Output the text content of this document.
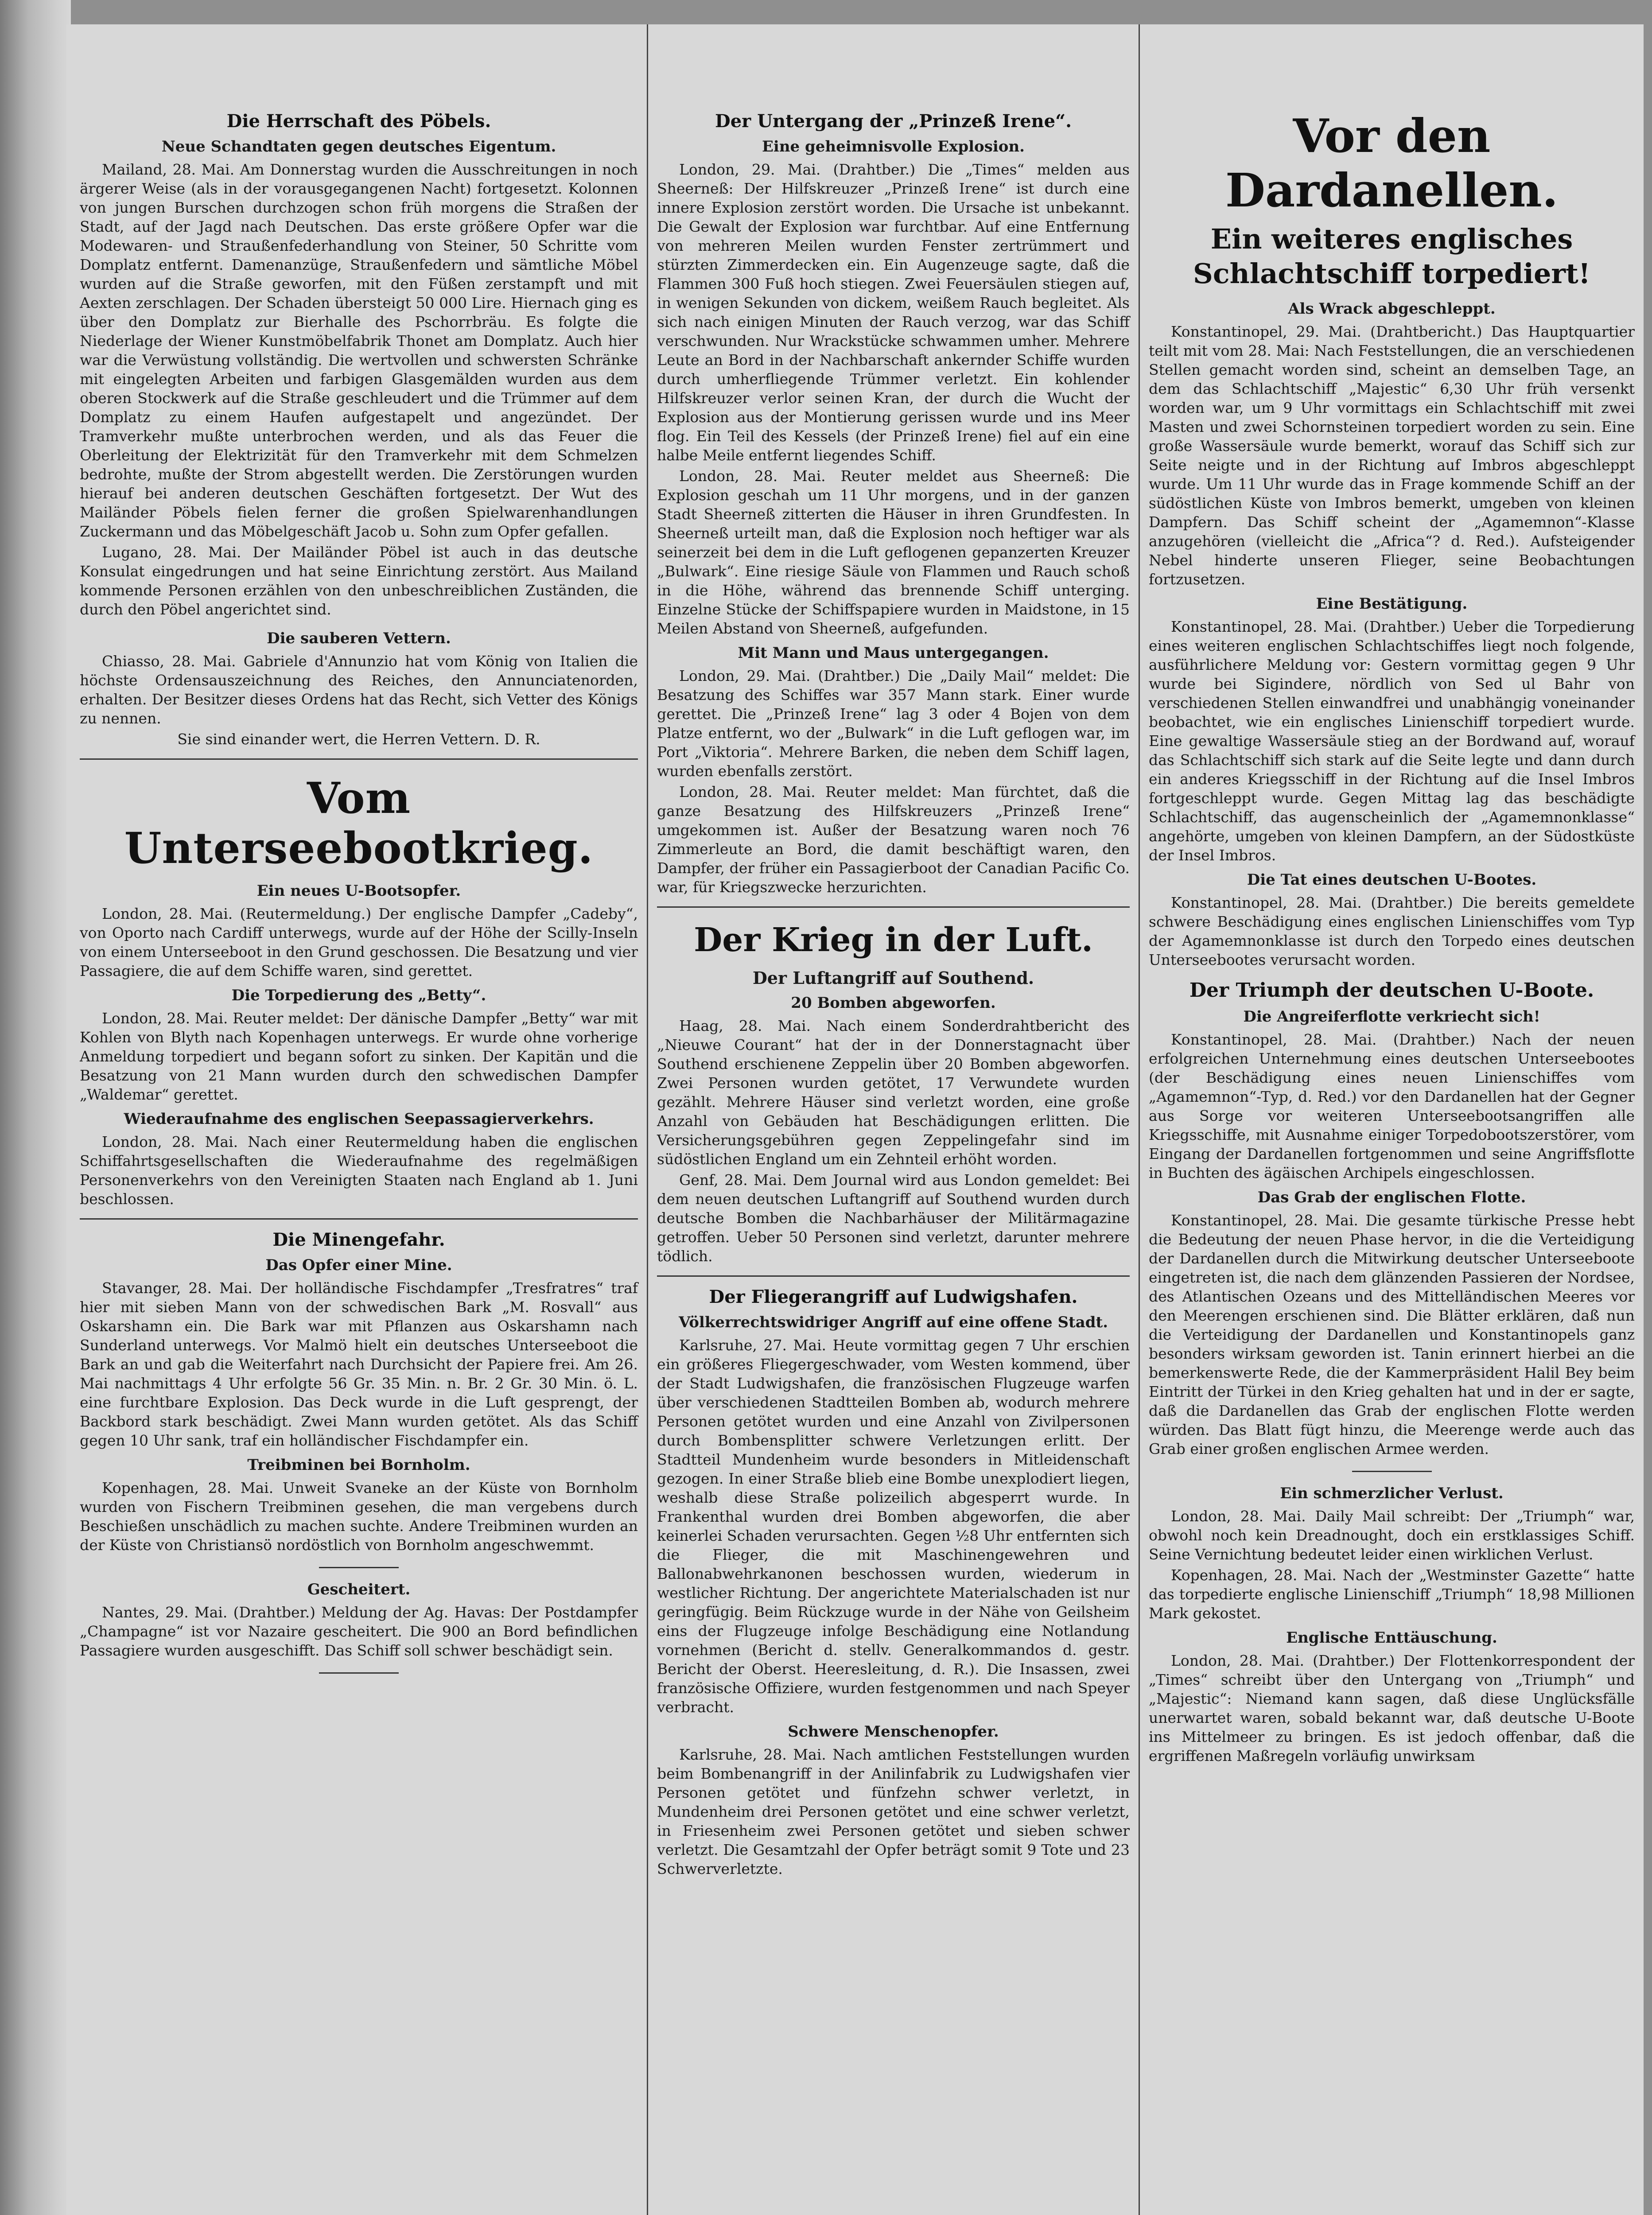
Die Herrschaft des Pöbels.
Neue Schandtaten gegen deutsches Eigentum.

Mailand, 28. Mai. Am Donnerstag wurden die Ausschreitungen in noch ärgerer Weise (als in der vorausgegangenen Nacht) fortgesetzt. Kolonnen von jungen Burschen durchzogen schon früh morgens die Straßen der Stadt, auf der Jagd nach Deutschen. Das erste größere Opfer war die Modewaren- und Straußenfederhandlung von Steiner, 50 Schritte vom Domplatz entfernt. Damenanzüge, Straußenfedern und sämtliche Möbel wurden auf die Straße geworfen, mit den Füßen zerstampft und mit Aexten zerschlagen. Der Schaden übersteigt 50 000 Lire. Hiernach ging es über den Domplatz zur Bierhalle des Pschorrbräu. Es folgte die Niederlage der Wiener Kunstmöbelfabrik Thonet am Domplatz. Auch hier war die Verwüstung vollständig. Die wertvollen und schwersten Schränke mit eingelegten Arbeiten und farbigen Glasgemälden wurden aus dem oberen Stockwerk auf die Straße geschleudert und die Trümmer auf dem Domplatz zu einem Haufen aufgestapelt und angezündet. Der Tramverkehr mußte unterbrochen werden, und als das Feuer die Oberleitung der Elektrizität für den Tramverkehr mit dem Schmelzen bedrohte, mußte der Strom abgestellt werden. Die Zerstörungen wurden hierauf bei anderen deutschen Geschäften fortgesetzt. Der Wut des Mailänder Pöbels fielen ferner die großen Spielwarenhandlungen Zuckermann und das Möbelgeschäft Jacob u. Sohn zum Opfer gefallen.

Lugano, 28. Mai. Der Mailänder Pöbel ist auch in das deutsche Konsulat eingedrungen und hat seine Einrichtung zerstört. Aus Mailand kommende Personen erzählen von den unbeschreiblichen Zuständen, die durch den Pöbel angerichtet sind.

Die sauberen Vettern.

Chiasso, 28. Mai. Gabriele d'Annunzio hat vom König von Italien die höchste Ordensauszeichnung des Reiches, den Annunciatenorden, erhalten. Der Besitzer dieses Ordens hat das Recht, sich Vetter des Königs zu nennen.

Sie sind einander wert, die Herren Vettern. D. R.

Vom Unterseebootkrieg.
Ein neues U-Bootsopfer.

London, 28. Mai. (Reutermeldung.) Der englische Dampfer „Cadeby“, von Oporto nach Cardiff unterwegs, wurde auf der Höhe der Scilly-Inseln von einem Unterseeboot in den Grund geschossen. Die Besatzung und vier Passagiere, die auf dem Schiffe waren, sind gerettet.

Die Torpedierung des „Betty“.

London, 28. Mai. Reuter meldet: Der dänische Dampfer „Betty“ war mit Kohlen von Blyth nach Kopenhagen unterwegs. Er wurde ohne vorherige Anmeldung torpediert und begann sofort zu sinken. Der Kapitän und die Besatzung von 21 Mann wurden durch den schwedischen Dampfer „Waldemar“ gerettet.

Wiederaufnahme des englischen Seepassagierverkehrs.

London, 28. Mai. Nach einer Reutermeldung haben die englischen Schiffahrtsgesellschaften die Wiederaufnahme des regelmäßigen Personenverkehrs von den Vereinigten Staaten nach England ab 1. Juni beschlossen.

Die Minengefahr.
Das Opfer einer Mine.

Stavanger, 28. Mai. Der holländische Fischdampfer „Tresfratres“ traf hier mit sieben Mann von der schwedischen Bark „M. Rosvall“ aus Oskarshamn ein. Die Bark war mit Pflanzen aus Oskarshamn nach Sunderland unterwegs. Vor Malmö hielt ein deutsches Unterseeboot die Bark an und gab die Weiterfahrt nach Durchsicht der Papiere frei. Am 26. Mai nachmittags 4 Uhr erfolgte 56 Gr. 35 Min. n. Br. 2 Gr. 30 Min. ö. L. eine furchtbare Explosion. Das Deck wurde in die Luft gesprengt, der Backbord stark beschädigt. Zwei Mann wurden getötet. Als das Schiff gegen 10 Uhr sank, traf ein holländischer Fischdampfer ein.

Treibminen bei Bornholm.

Kopenhagen, 28. Mai. Unweit Svaneke an der Küste von Bornholm wurden von Fischern Treibminen gesehen, die man vergebens durch Beschießen unschädlich zu machen suchte. Andere Treibminen wurden an der Küste von Christiansö nordöstlich von Bornholm angeschwemmt.

Gescheitert.

Nantes, 29. Mai. (Drahtber.) Meldung der Ag. Havas: Der Postdampfer „Champagne“ ist vor Nazaire gescheitert. Die 900 an Bord befindlichen Passagiere wurden ausgeschifft. Das Schiff soll schwer beschädigt sein.

Der Untergang der „Prinzeß Irene“.
Eine geheimnisvolle Explosion.

London, 29. Mai. (Drahtber.) Die „Times“ melden aus Sheerneß: Der Hilfskreuzer „Prinzeß Irene“ ist durch eine innere Explosion zerstört worden. Die Ursache ist unbekannt. Die Gewalt der Explosion war furchtbar. Auf eine Entfernung von mehreren Meilen wurden Fenster zertrümmert und stürzten Zimmerdecken ein. Ein Augenzeuge sagte, daß die Flammen 300 Fuß hoch stiegen. Zwei Feuersäulen stiegen auf, in wenigen Sekunden von dickem, weißem Rauch begleitet. Als sich nach einigen Minuten der Rauch verzog, war das Schiff verschwunden. Nur Wrackstücke schwammen umher. Mehrere Leute an Bord in der Nachbarschaft ankernder Schiffe wurden durch umherfliegende Trümmer verletzt. Ein kohlender Hilfskreuzer verlor seinen Kran, der durch die Wucht der Explosion aus der Montierung gerissen wurde und ins Meer flog. Ein Teil des Kessels (der Prinzeß Irene) fiel auf ein eine halbe Meile entfernt liegendes Schiff.

London, 28. Mai. Reuter meldet aus Sheerneß: Die Explosion geschah um 11 Uhr morgens, und in der ganzen Stadt Sheerneß zitterten die Häuser in ihren Grundfesten. In Sheerneß urteilt man, daß die Explosion noch heftiger war als seinerzeit bei dem in die Luft geflogenen gepanzerten Kreuzer „Bulwark“. Eine riesige Säule von Flammen und Rauch schoß in die Höhe, während das brennende Schiff unterging. Einzelne Stücke der Schiffspapiere wurden in Maidstone, in 15 Meilen Abstand von Sheerneß, aufgefunden.

Mit Mann und Maus untergegangen.

London, 29. Mai. (Drahtber.) Die „Daily Mail“ meldet: Die Besatzung des Schiffes war 357 Mann stark. Einer wurde gerettet. Die „Prinzeß Irene“ lag 3 oder 4 Bojen von dem Platze entfernt, wo der „Bulwark“ in die Luft geflogen war, im Port „Viktoria“. Mehrere Barken, die neben dem Schiff lagen, wurden ebenfalls zerstört.

London, 28. Mai. Reuter meldet: Man fürchtet, daß die ganze Besatzung des Hilfskreuzers „Prinzeß Irene“ umgekommen ist. Außer der Besatzung waren noch 76 Zimmerleute an Bord, die damit beschäftigt waren, den Dampfer, der früher ein Passagierboot der Canadian Pacific Co. war, für Kriegszwecke herzurichten.

Der Krieg in der Luft.
Der Luftangriff auf Southend.
20 Bomben abgeworfen.

Haag, 28. Mai. Nach einem Sonderdrahtbericht des „Nieuwe Courant“ hat der in der Donnerstagnacht über Southend erschienene Zeppelin über 20 Bomben abgeworfen. Zwei Personen wurden getötet, 17 Verwundete wurden gezählt. Mehrere Häuser sind verletzt worden, eine große Anzahl von Gebäuden hat Beschädigungen erlitten. Die Versicherungsgebühren gegen Zeppelingefahr sind im südöstlichen England um ein Zehnteil erhöht worden.

Genf, 28. Mai. Dem Journal wird aus London gemeldet: Bei dem neuen deutschen Luftangriff auf Southend wurden durch deutsche Bomben die Nachbarhäuser der Militärmagazine getroffen. Ueber 50 Personen sind verletzt, darunter mehrere tödlich.

Der Fliegerangriff auf Ludwigshafen.
Völkerrechtswidriger Angriff auf eine offene Stadt.

Karlsruhe, 27. Mai. Heute vormittag gegen 7 Uhr erschien ein größeres Fliegergeschwader, vom Westen kommend, über der Stadt Ludwigshafen, die französischen Flugzeuge warfen über verschiedenen Stadtteilen Bomben ab, wodurch mehrere Personen getötet wurden und eine Anzahl von Zivilpersonen durch Bombensplitter schwere Verletzungen erlitt. Der Stadtteil Mundenheim wurde besonders in Mitleidenschaft gezogen. In einer Straße blieb eine Bombe unexplodiert liegen, weshalb diese Straße polizeilich abgesperrt wurde. In Frankenthal wurden drei Bomben abgeworfen, die aber keinerlei Schaden verursachten. Gegen ½8 Uhr entfernten sich die Flieger, die mit Maschinengewehren und Ballonabwehrkanonen beschossen wurden, wiederum in westlicher Richtung. Der angerichtete Materialschaden ist nur geringfügig. Beim Rückzuge wurde in der Nähe von Geilsheim eins der Flugzeuge infolge Beschädigung eine Notlandung vornehmen (Bericht d. stellv. Generalkommandos d. gestr. Bericht der Oberst. Heeresleitung, d. R.). Die Insassen, zwei französische Offiziere, wurden festgenommen und nach Speyer verbracht.

Schwere Menschenopfer.

Karlsruhe, 28. Mai. Nach amtlichen Feststellungen wurden beim Bombenangriff in der Anilinfabrik zu Ludwigshafen vier Personen getötet und fünfzehn schwer verletzt, in Mundenheim drei Personen getötet und eine schwer verletzt, in Friesenheim zwei Personen getötet und sieben schwer verletzt. Die Gesamtzahl der Opfer beträgt somit 9 Tote und 23 Schwerverletzte.

Vor den Dardanellen.
Ein weiteres englisches Schlachtschiff torpediert!
Als Wrack abgeschleppt.

Konstantinopel, 29. Mai. (Drahtbericht.) Das Hauptquartier teilt mit vom 28. Mai: Nach Feststellungen, die an verschiedenen Stellen gemacht worden sind, scheint an demselben Tage, an dem das Schlachtschiff „Majestic“ 6,30 Uhr früh versenkt worden war, um 9 Uhr vormittags ein Schlachtschiff mit zwei Masten und zwei Schornsteinen torpediert worden zu sein. Eine große Wassersäule wurde bemerkt, worauf das Schiff sich zur Seite neigte und in der Richtung auf Imbros abgeschleppt wurde. Um 11 Uhr wurde das in Frage kommende Schiff an der südöstlichen Küste von Imbros bemerkt, umgeben von kleinen Dampfern. Das Schiff scheint der „Agamemnon“-Klasse anzugehören (vielleicht die „Africa“? d. Red.). Aufsteigender Nebel hinderte unseren Flieger, seine Beobachtungen fortzusetzen.

Eine Bestätigung.

Konstantinopel, 28. Mai. (Drahtber.) Ueber die Torpedierung eines weiteren englischen Schlachtschiffes liegt noch folgende, ausführlichere Meldung vor: Gestern vormittag gegen 9 Uhr wurde bei Sigindere, nördlich von Sed ul Bahr von verschiedenen Stellen einwandfrei und unabhängig voneinander beobachtet, wie ein englisches Linienschiff torpediert wurde. Eine gewaltige Wassersäule stieg an der Bordwand auf, worauf das Schlachtschiff sich stark auf die Seite legte und dann durch ein anderes Kriegsschiff in der Richtung auf die Insel Imbros fortgeschleppt wurde. Gegen Mittag lag das beschädigte Schlachtschiff, das augenscheinlich der „Agamemnonklasse“ angehörte, umgeben von kleinen Dampfern, an der Südostküste der Insel Imbros.

Die Tat eines deutschen U-Bootes.

Konstantinopel, 28. Mai. (Drahtber.) Die bereits gemeldete schwere Beschädigung eines englischen Linienschiffes vom Typ der Agamemnonklasse ist durch den Torpedo eines deutschen Unterseebootes verursacht worden.

Der Triumph der deutschen U-Boote.
Die Angreiferflotte verkriecht sich!

Konstantinopel, 28. Mai. (Drahtber.) Nach der neuen erfolgreichen Unternehmung eines deutschen Unterseebootes (der Beschädigung eines neuen Linienschiffes vom „Agamemnon“-Typ, d. Red.) vor den Dardanellen hat der Gegner aus Sorge vor weiteren Unterseebootsangriffen alle Kriegsschiffe, mit Ausnahme einiger Torpedobootszerstörer, vom Eingang der Dardanellen fortgenommen und seine Angriffsflotte in Buchten des ägäischen Archipels eingeschlossen.

Das Grab der englischen Flotte.

Konstantinopel, 28. Mai. Die gesamte türkische Presse hebt die Bedeutung der neuen Phase hervor, in die die Verteidigung der Dardanellen durch die Mitwirkung deutscher Unterseeboote eingetreten ist, die nach dem glänzenden Passieren der Nordsee, des Atlantischen Ozeans und des Mittelländischen Meeres vor den Meerengen erschienen sind. Die Blätter erklären, daß nun die Verteidigung der Dardanellen und Konstantinopels ganz besonders wirksam geworden ist. Tanin erinnert hierbei an die bemerkenswerte Rede, die der Kammerpräsident Halil Bey beim Eintritt der Türkei in den Krieg gehalten hat und in der er sagte, daß die Dardanellen das Grab der englischen Flotte werden würden. Das Blatt fügt hinzu, die Meerenge werde auch das Grab einer großen englischen Armee werden.

Ein schmerzlicher Verlust.

London, 28. Mai. Daily Mail schreibt: Der „Triumph“ war, obwohl noch kein Dreadnought, doch ein erstklassiges Schiff. Seine Vernichtung bedeutet leider einen wirklichen Verlust.

Kopenhagen, 28. Mai. Nach der „Westminster Gazette“ hatte das torpedierte englische Linienschiff „Triumph“ 18,98 Millionen Mark gekostet.

Englische Enttäuschung.

London, 28. Mai. (Drahtber.) Der Flottenkorrespondent der „Times“ schreibt über den Untergang von „Triumph“ und „Majestic“: Niemand kann sagen, daß diese Unglücksfälle unerwartet waren, sobald bekannt war, daß deutsche U-Boote ins Mittelmeer zu bringen. Es ist jedoch offenbar, daß die ergriffenen Maßregeln vorläufig unwirksam
